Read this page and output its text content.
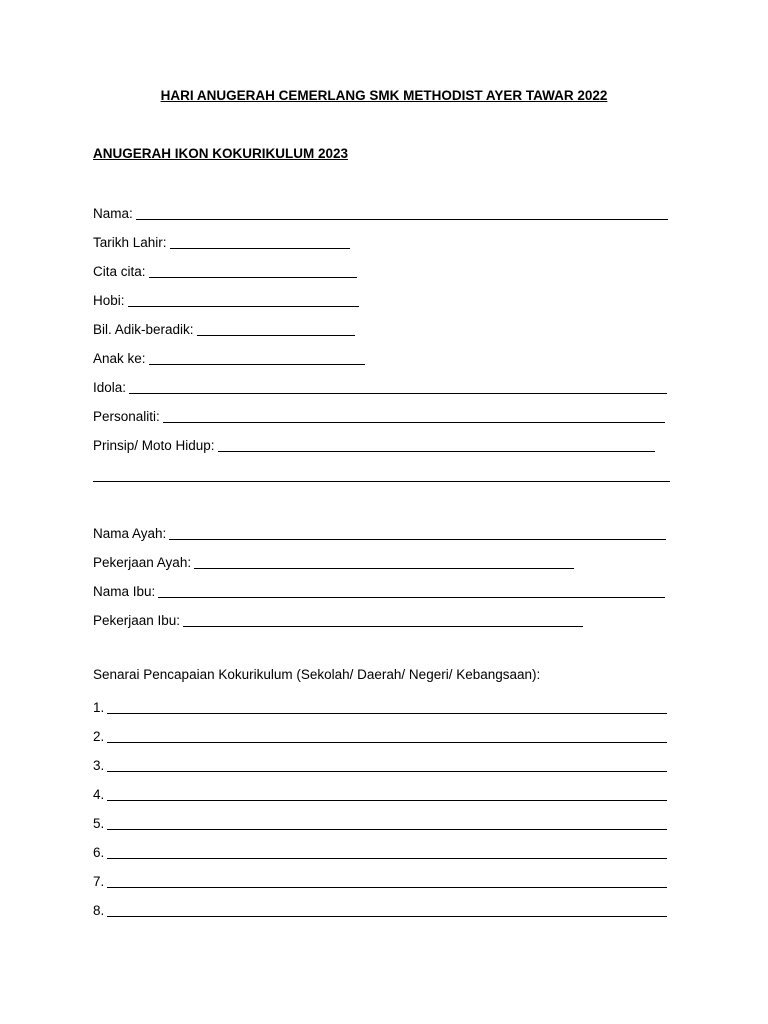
HARI ANUGERAH CEMERLANG SMK METHODIST AYER TAWAR 2022
ANUGERAH IKON KOKURIKULUM 2023
Nama:
Tarikh Lahir:
Cita cita:
Hobi:
Bil. Adik-beradik:
Anak ke:
Idola:
Personaliti:
Prinsip/ Moto Hidup:
Nama Ayah:
Pekerjaan Ayah:
Nama Ibu:
Pekerjaan Ibu:
Senarai Pencapaian Kokurikulum (Sekolah/ Daerah/ Negeri/ Kebangsaan):
1.
2.
3.
4.
5.
6.
7.
8.
